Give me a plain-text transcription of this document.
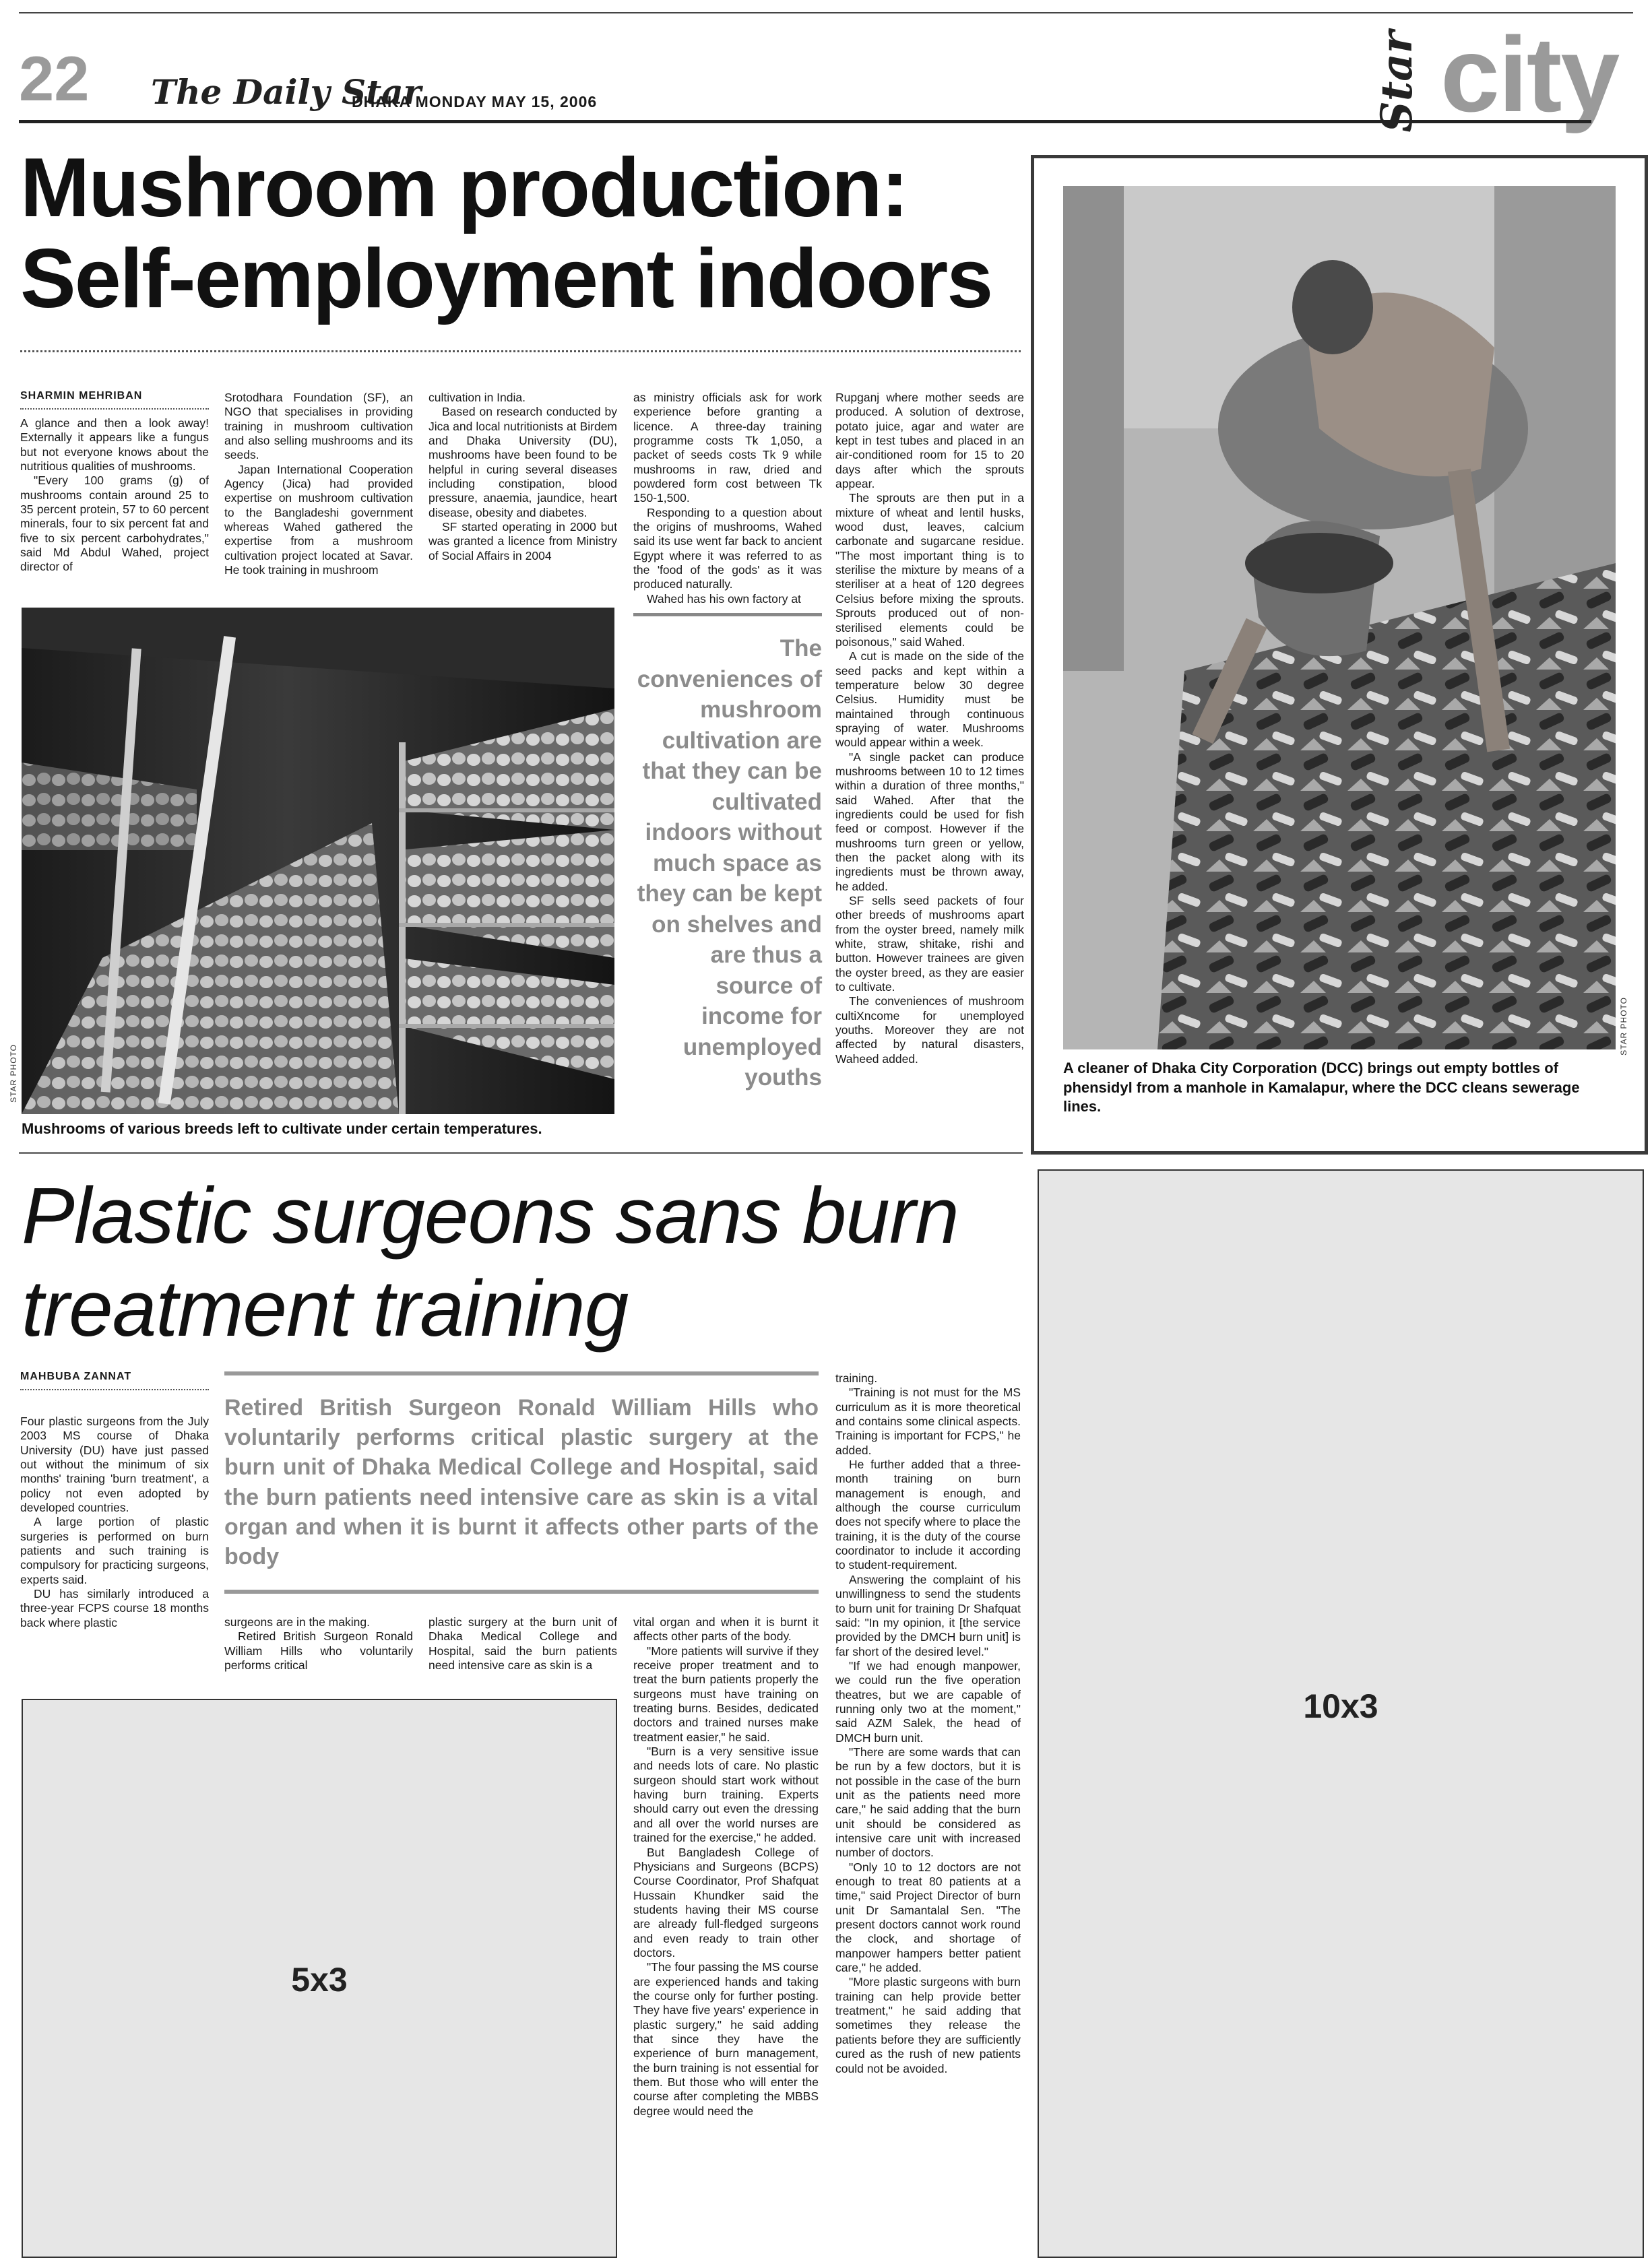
22 The Daily Star
DHAKA MONDAY MAY 15, 2006	Star city
Mushroom production:
Self-employment indoors
SHARMIN MEHRIBAN

A glance and then a look away! Externally it appears like a fungus but not everyone knows about the nutritious qualities of mushrooms.

"Every 100 grams (g) of mushrooms contain around 25 to 35 percent protein, 57 to 60 percent minerals, four to six percent fat and five to six percent carbohydrates," said Md Abdul Wahed, project director of

Srotodhara Foundation (SF), an NGO that specialises in providing training in mushroom cultivation and also selling mushrooms and its seeds.

Japan International Cooperation Agency (Jica) had provided expertise on mushroom cultivation to the Bangladeshi government whereas Wahed gathered the expertise from a mushroom cultivation project located at Savar. He took training in mushroom

cultivation in India.

Based on research conducted by Jica and local nutritionists at Birdem and Dhaka University (DU), mushrooms have been found to be helpful in curing several diseases including constipation, blood pressure, anaemia, jaundice, heart disease, obesity and diabetes.

SF started operating in 2000 but was granted a licence from Ministry of Social Affairs in 2004

as ministry officials ask for work experience before granting a licence. A three-day training programme costs Tk 1,050, a packet of seeds costs Tk 9 while mushrooms in raw, dried and powdered form cost between Tk 150-1,500.

Responding to a question about the origins of mushrooms, Wahed said its use went far back to ancient Egypt where it was referred to as the 'food of the gods' as it was produced naturally.

Wahed has his own factory at

The conveniences of mushroom cultivation are that they can be cultivated indoors without much space as they can be kept on shelves and are thus a source of income for unemployed youths

Rupganj where mother seeds are produced. A solution of dextrose, potato juice, agar and water are kept in test tubes and placed in an air-conditioned room for 15 to 20 days after which the sprouts appear.

The sprouts are then put in a mixture of wheat and lentil husks, wood dust, leaves, calcium carbonate and sugarcane residue. "The most important thing is to sterilise the mixture by means of a steriliser at a heat of 120 degrees Celsius before mixing the sprouts. Sprouts produced out of non-sterilised elements could be poisonous," said Wahed.

A cut is made on the side of the seed packs and kept within a temperature below 30 degree Celsius. Humidity must be maintained through continuous spraying of water. Mushrooms would appear within a week.

"A single packet can produce mushrooms between 10 to 12 times within a duration of three months," said Wahed. After that the ingredients could be used for fish feed or compost. However if the mushrooms turn green or yellow, then the packet along with its ingredients must be thrown away, he added.

SF sells seed packets of four other breeds of mushrooms apart from the oyster breed, namely milk white, straw, shitake, rishi and button. However trainees are given the oyster breed, as they are easier to cultivate.

The conveniences of mushroom cultiXncome for unemployed youths. Moreover they are not affected by natural disasters, Waheed added.

STAR PHOTO
Mushrooms of various breeds left to cultivate under certain temperatures.
STAR PHOTO
A cleaner of Dhaka City Corporation (DCC) brings out empty bottles of phensidyl from a manhole in Kamalapur, where the DCC cleans sewerage lines.
Plastic surgeons sans burn
treatment training
MAHBUBA ZANNAT

Four plastic surgeons from the July 2003 MS course of Dhaka University (DU) have just passed out without the minimum of six months' training 'burn treatment', a policy not even adopted by developed countries.

A large portion of plastic surgeries is performed on burn patients and such training is compulsory for practicing surgeons, experts said.

DU has similarly introduced a three-year FCPS course 18 months back where plastic

Retired British Surgeon Ronald William Hills who voluntarily performs critical plastic surgery at the burn unit of Dhaka Medical College and Hospital, said the burn patients need intensive care as skin is a vital organ and when it is burnt it affects other parts of the body

surgeons are in the making.

Retired British Surgeon Ronald William Hills who voluntarily performs critical

plastic surgery at the burn unit of Dhaka Medical College and Hospital, said the burn patients need intensive care as skin is a

vital organ and when it is burnt it affects other parts of the body.

"More patients will survive if they receive proper treatment and to treat the burn patients properly the surgeons must have training on treating burns. Besides, dedicated doctors and trained nurses make treatment easier," he said.

"Burn is a very sensitive issue and needs lots of care. No plastic surgeon should start work without having burn training. Experts should carry out even the dressing and all over the world nurses are trained for the exercise," he added.

But Bangladesh College of Physicians and Surgeons (BCPS) Course Coordinator, Prof Shafquat Hussain Khundker said the students having their MS course are already full-fledged surgeons and even ready to train other doctors.

"The four passing the MS course are experienced hands and taking the course only for further posting. They have five years' experience in plastic surgery," he said adding that since they have the experience of burn management, the burn training is not essential for them. But those who will enter the course after completing the MBBS degree would need the

training.

"Training is not must for the MS curriculum as it is more theoretical and contains some clinical aspects. Training is important for FCPS," he added.

He further added that a three-month training on burn management is enough, and although the course curriculum does not specify where to place the training, it is the duty of the course coordinator to include it according to student-requirement.

Answering the complaint of his unwillingness to send the students to burn unit for training Dr Shafquat said: "In my opinion, it [the service provided by the DMCH burn unit] is far short of the desired level."

"If we had enough manpower, we could run the five operation theatres, but we are capable of running only two at the moment," said AZM Salek, the head of DMCH burn unit.

"There are some wards that can be run by a few doctors, but it is not possible in the case of the burn unit as the patients need more care," he said adding that the burn unit should be considered as intensive care unit with increased number of doctors.

"Only 10 to 12 doctors are not enough to treat 80 patients at a time," said Project Director of burn unit Dr Samantalal Sen. "The present doctors cannot work round the clock, and shortage of manpower hampers better patient care," he added.

"More plastic surgeons with burn training can help provide better treatment," he said adding that sometimes they release the patients before they are sufficiently cured as the rush of new patients could not be avoided.

5x3
10x3
